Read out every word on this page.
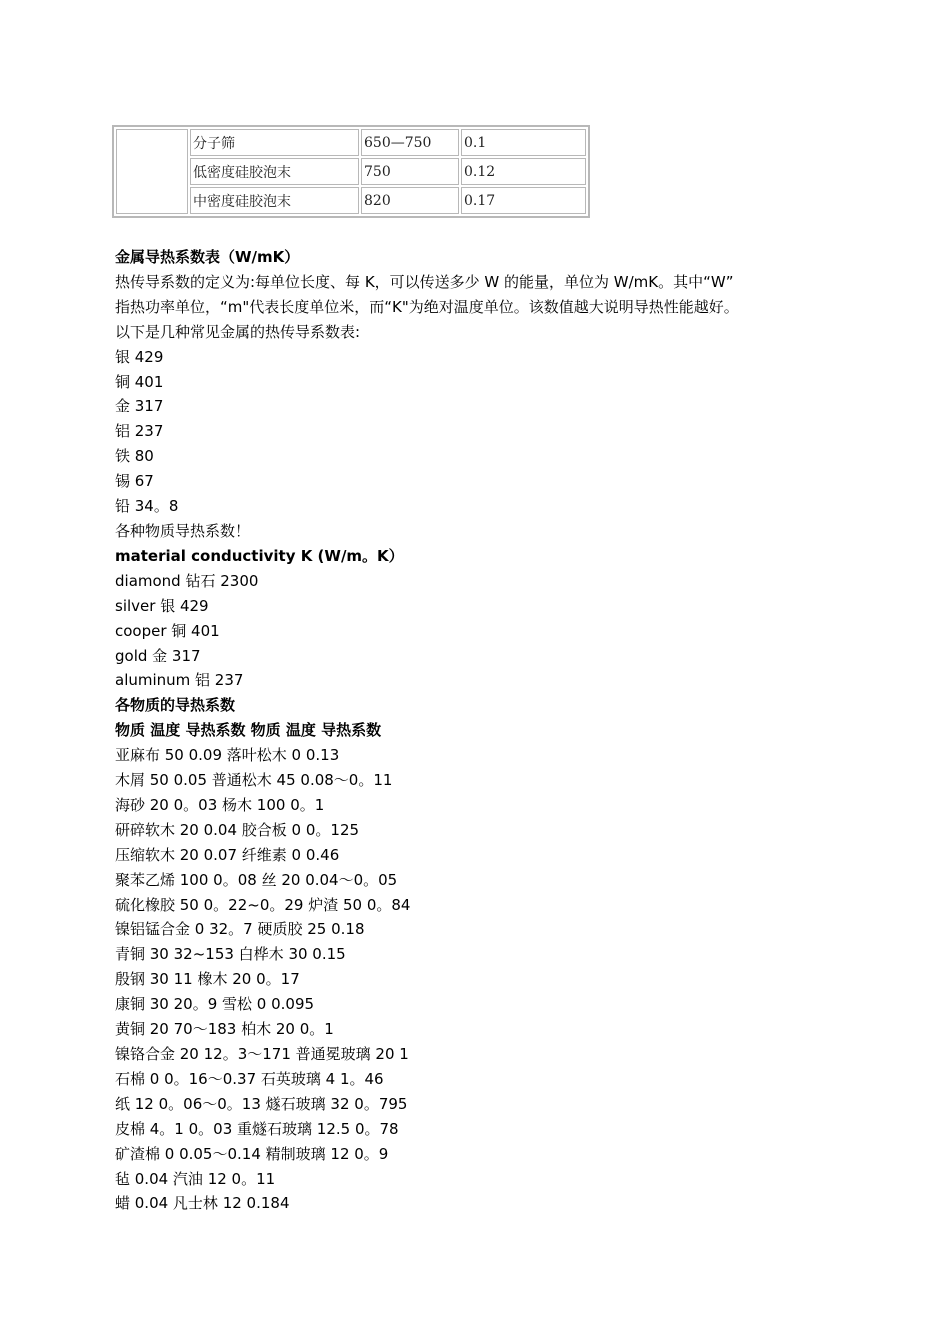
	分子筛	650—750	0.1
	低密度硅胶泡末	750	0.12
	中密度硅胶泡末	820	0.17
金属导热系数表（W/mK）
热传导系数的定义为:每单位长度、每 K，可以传送多少 W 的能量，单位为 W/mK。其中“W”
指热功率单位，“m"代表长度单位米，而“K"为绝对温度单位。该数值越大说明导热性能越好。
以下是几种常见金属的热传导系数表:
银 429
铜 401
金 317
铝 237
铁 80
锡 67
铅 34。8
各种物质导热系数！
material conductivity K (W/m。K）
diamond 钻石 2300
silver 银 429
cooper 铜 401
gold 金 317
aluminum 铝 237
各物质的导热系数
物质 温度 导热系数 物质 温度 导热系数
亚麻布 50 0.09 落叶松木 0 0.13
木屑 50 0.05 普通松木 45 0.08～0。11
海砂 20 0。03 杨木 100 0。1
研碎软木 20 0.04 胶合板 0 0。125
压缩软木 20 0.07 纤维素 0 0.46
聚苯乙烯 100 0。08 丝 20 0.04～0。05
硫化橡胶 50 0。22~0。29 炉渣 50 0。84
镍铝锰合金 0 32。7 硬质胶 25 0.18
青铜 30 32~153 白桦木 30 0.15
殷钢 30 11 橡木 20 0。17
康铜 30 20。9 雪松 0 0.095
黄铜 20 70～183 柏木 20 0。1
镍铬合金 20 12。3～171 普通冕玻璃 20 1
石棉 0 0。16～0.37 石英玻璃 4 1。46
纸 12 0。06～0。13 燧石玻璃 32 0。795
皮棉 4。1 0。03 重燧石玻璃 12.5 0。78
矿渣棉 0 0.05～0.14 精制玻璃 12 0。9
毡 0.04 汽油 12 0。11
蜡 0.04 凡士林 12 0.184
